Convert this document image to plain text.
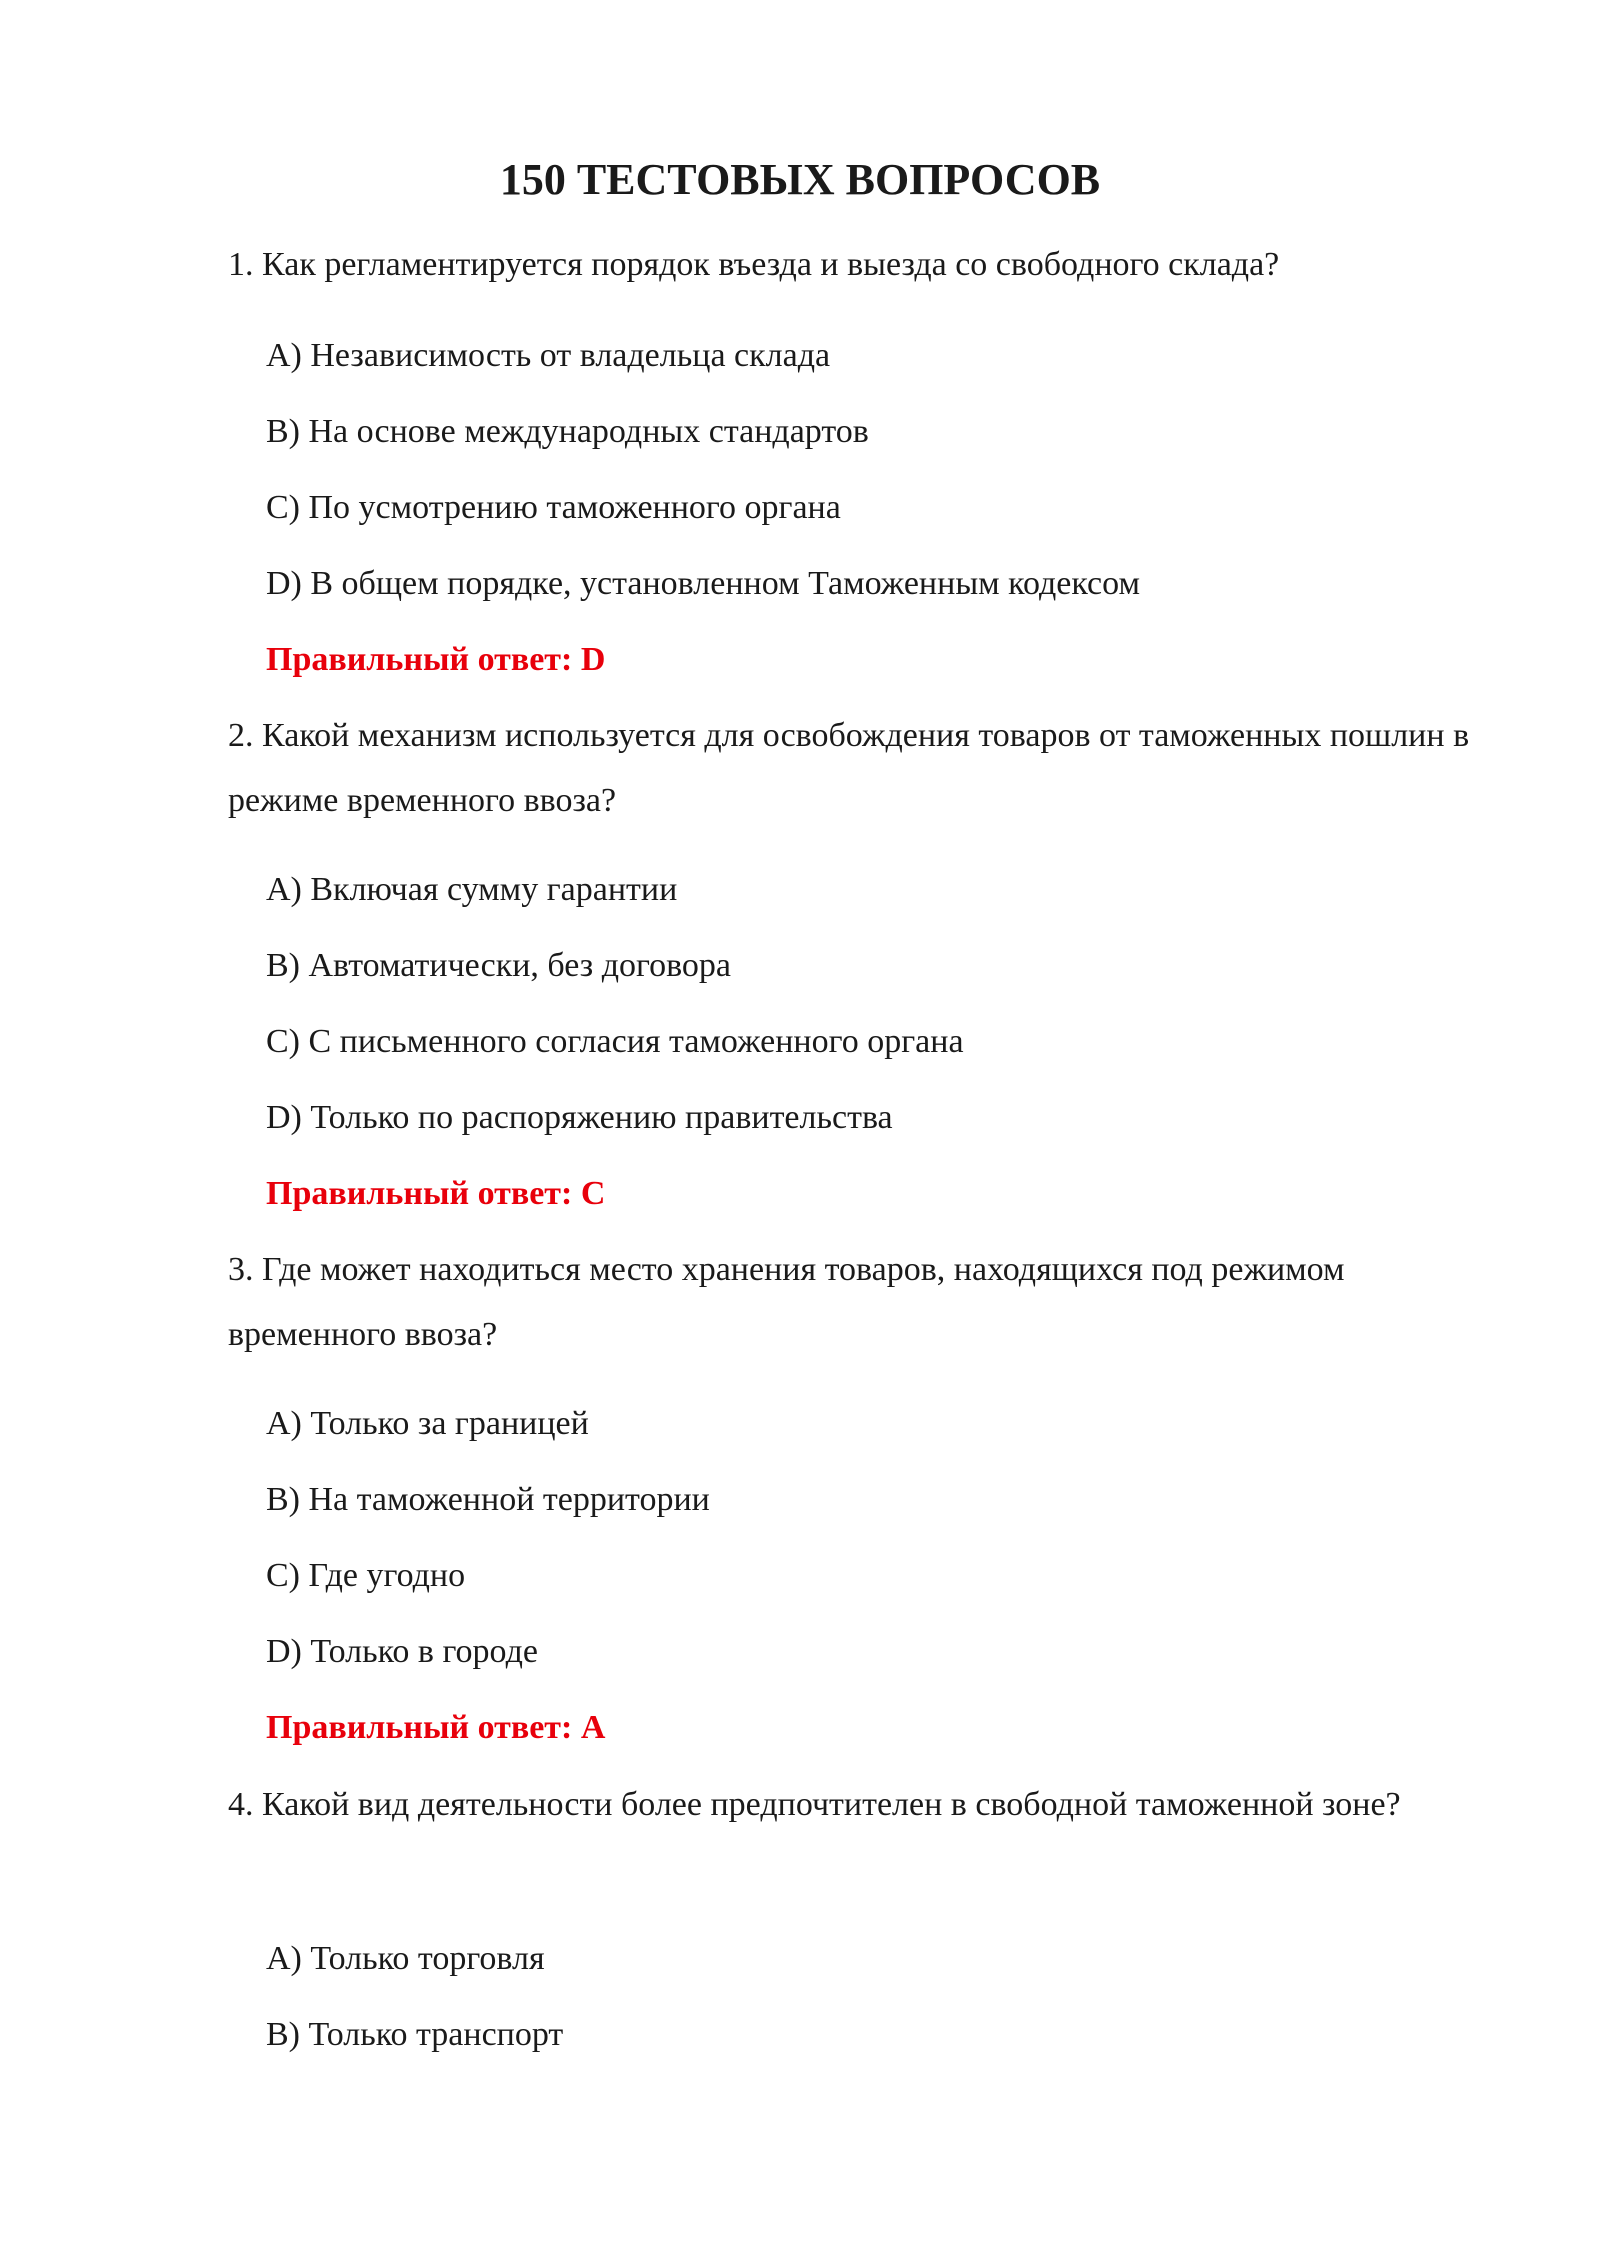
150 ТЕСТОВЫХ ВОПРОСОВ

1. Как регламентируется порядок въезда и выезда со свободного склада?

A) Независимость от владельца склада

B) На основе международных стандартов

C) По усмотрению таможенного органа

D) В общем порядке, установленном Таможенным кодексом

Правильный ответ: D

2. Какой механизм используется для освобождения товаров от таможенных пошлин в режиме временного ввоза?

A) Включая сумму гарантии

B) Автоматически, без договора

C) С письменного согласия таможенного органа

D) Только по распоряжению правительства

Правильный ответ: C

3. Где может находиться место хранения товаров, находящихся под режимом временного ввоза?

A) Только за границей

B) На таможенной территории

C) Где угодно

D) Только в городе

Правильный ответ: A

4. Какой вид деятельности более предпочтителен в свободной таможенной зоне?

A) Только торговля

B) Только транспорт
